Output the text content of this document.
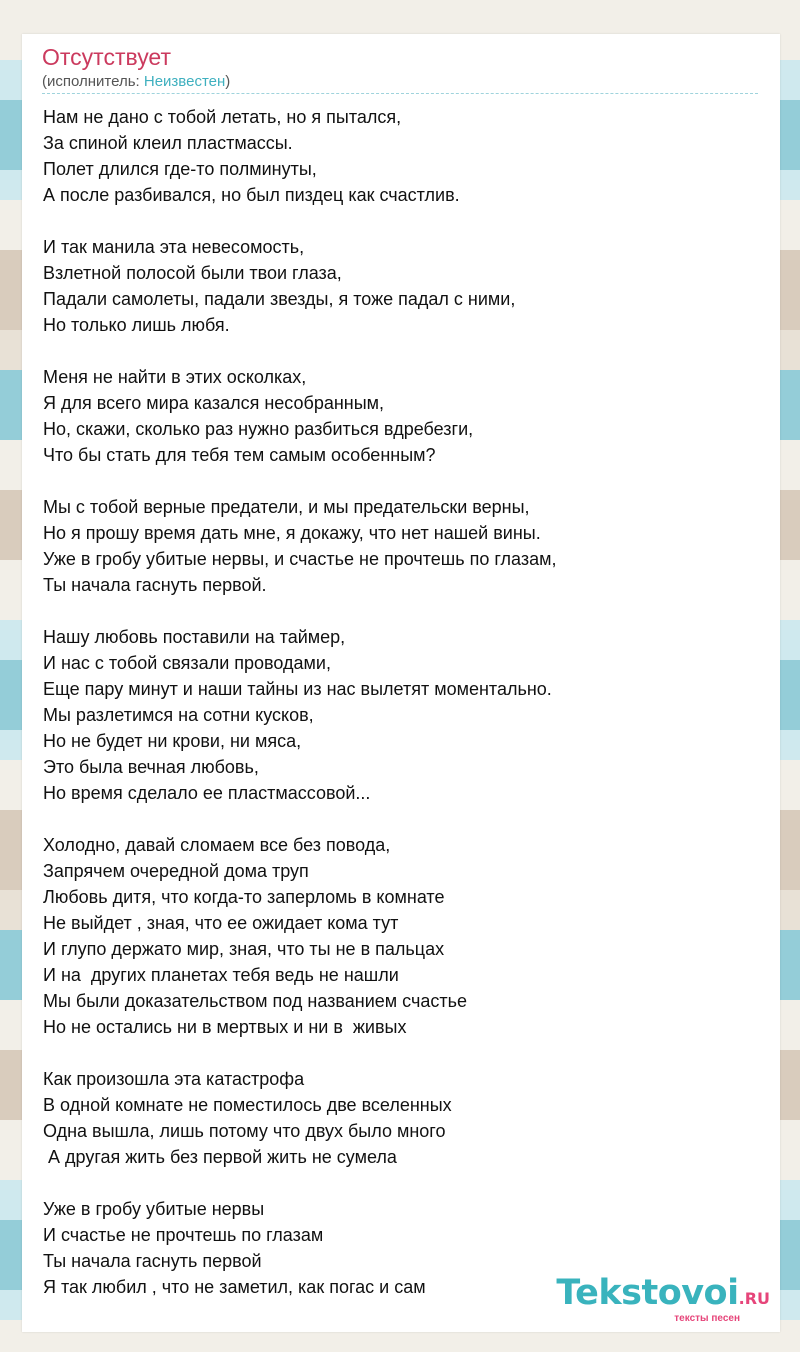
Отсутствует
(исполнитель: Неизвестен)
Нам не дано с тобой летать, но я пытался,
За спиной клеил пластмассы.
Полет длился где-то полминуты,
А после разбивался, но был пиздец как счастлив.
И так манила эта невесомость,
Взлетной полосой были твои глаза,
Падали самолеты, падали звезды, я тоже падал с ними,
Но только лишь любя.
Меня не найти в этих осколках,
Я для всего мира казался несобранным,
Но, скажи, сколько раз нужно разбиться вдребезги,
Что бы стать для тебя тем самым особенным?
Мы с тобой верные предатели, и мы предательски верны,
Но я прошу время дать мне, я докажу, что нет нашей вины.
Уже в гробу убитые нервы, и счастье не прочтешь по глазам,
Ты начала гаснуть первой.
Нашу любовь поставили на таймер,
И нас с тобой связали проводами,
Еще пару минут и наши тайны из нас вылетят моментально.
Мы разлетимся на сотни кусков,
Но не будет ни крови, ни мяса,
Это была вечная любовь,
Но время сделало ее пластмассовой...
Холодно, давай сломаем все без повода,
Запрячем очередной дома труп
Любовь дитя, что когда-то заперломь в комнате
Не выйдет , зная, что ее ожидает кома тут
И глупо держато мир, зная, что ты не в пальцах
И на  других планетах тебя ведь не нашли
Мы были доказательством под названием счастье
Но не остались ни в мертвых и ни в  живых
Как произошла эта катастрофа
В одной комнате не поместилось две вселенных
Одна вышла, лишь потому что двух было много
А другая жить без первой жить не сумела
Уже в гробу убитые нервы
И счастье не прочтешь по глазам
Ты начала гаснуть первой
Я так любил , что не заметил, как погас и сам	Tekstovoi.RU
тексты песен
